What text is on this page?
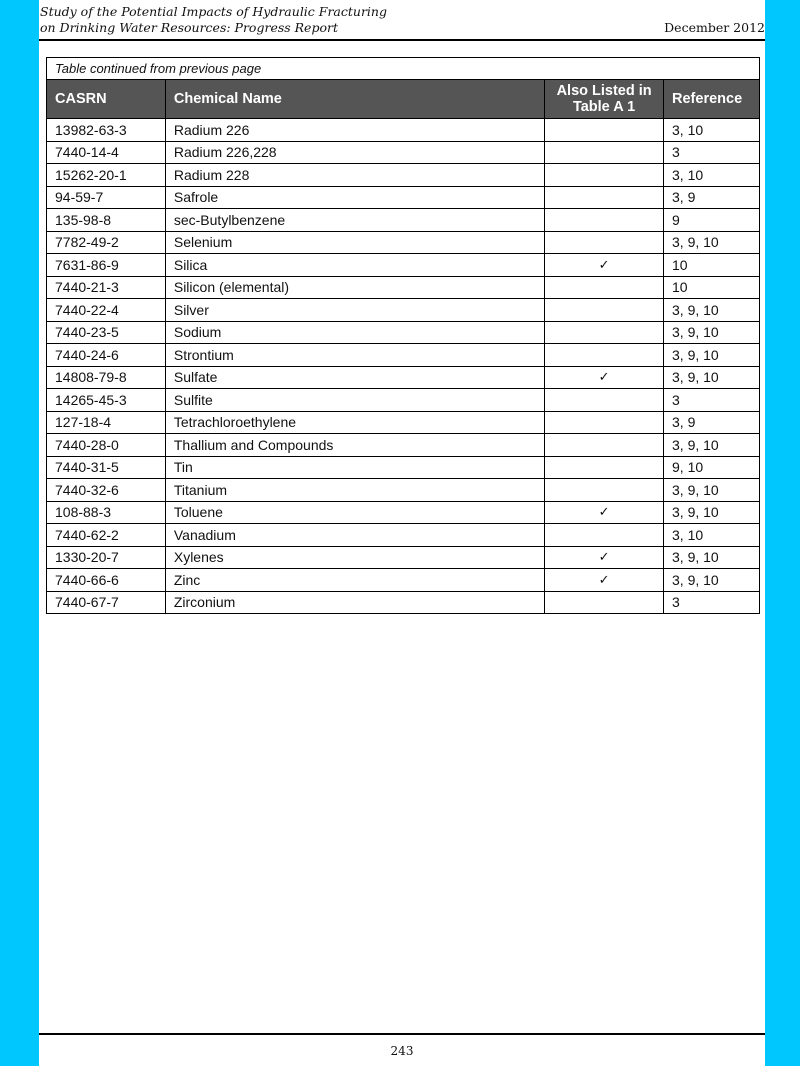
Study of the Potential Impacts of Hydraulic Fracturing
on Drinking Water Resources: Progress Report	December 2012
Table continued from previous page			
CASRN	Chemical Name	Also Listed in Table A 1	Reference
13982-63-3	Radium 226		3, 10
7440-14-4	Radium 226,228		3
15262-20-1	Radium 228		3, 10
94-59-7	Safrole		3, 9
135-98-8	sec-Butylbenzene		9
7782-49-2	Selenium		3, 9, 10
7631-86-9	Silica	✓	10
7440-21-3	Silicon (elemental)		10
7440-22-4	Silver		3, 9, 10
7440-23-5	Sodium		3, 9, 10
7440-24-6	Strontium		3, 9, 10
14808-79-8	Sulfate	✓	3, 9, 10
14265-45-3	Sulfite		3
127-18-4	Tetrachloroethylene		3, 9
7440-28-0	Thallium and Compounds		3, 9, 10
7440-31-5	Tin		9, 10
7440-32-6	Titanium		3, 9, 10
108-88-3	Toluene	✓	3, 9, 10
7440-62-2	Vanadium		3, 10
1330-20-7	Xylenes	✓	3, 9, 10
7440-66-6	Zinc	✓	3, 9, 10
7440-67-7	Zirconium		3
243
